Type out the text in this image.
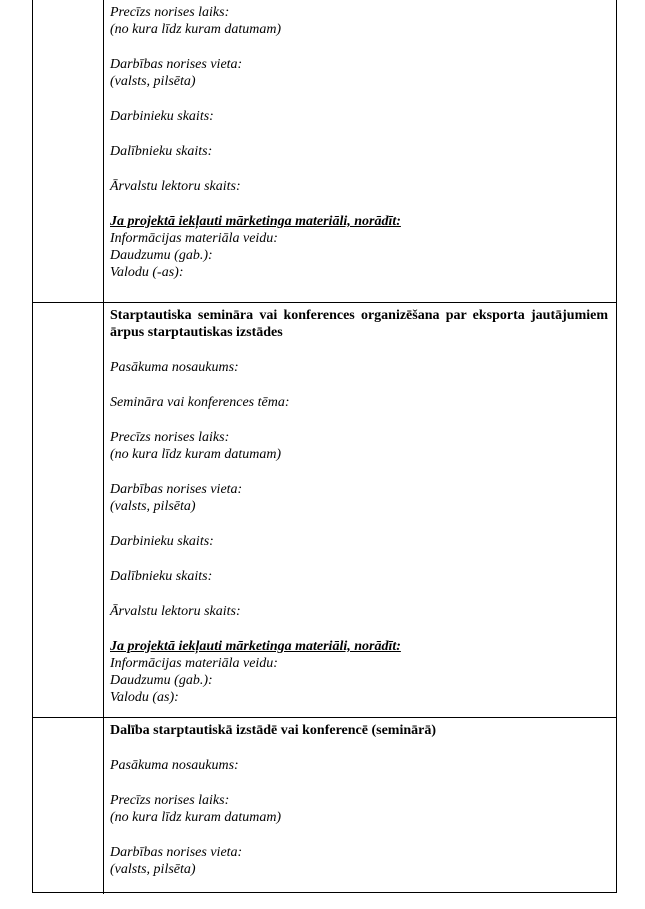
Precīzs norises laiks:
(no kura līdz kuram datumam)
Darbības norises vieta:
(valsts, pilsēta)
Darbinieku skaits:
Dalībnieku skaits:
Ārvalstu lektoru skaits:
Ja projektā iekļauti mārketinga materiāli, norādīt:
Informācijas materiāla veidu:
Daudzumu (gab.):
Valodu (-as):
Starptautiska semināra vai konferences organizēšana par eksporta jautājumiem ārpus starptautiskas izstādes
Pasākuma nosaukums:
Semināra vai konferences tēma:
Precīzs norises laiks:
(no kura līdz kuram datumam)
Darbības norises vieta:
(valsts, pilsēta)
Darbinieku skaits:
Dalībnieku skaits:
Ārvalstu lektoru skaits:
Ja projektā iekļauti mārketinga materiāli, norādīt:
Informācijas materiāla veidu:
Daudzumu (gab.):
Valodu (as):
Dalība starptautiskā izstādē vai konferencē (seminārā)
Pasākuma nosaukums:
Precīzs norises laiks:
(no kura līdz kuram datumam)
Darbības norises vieta:
(valsts, pilsēta)
